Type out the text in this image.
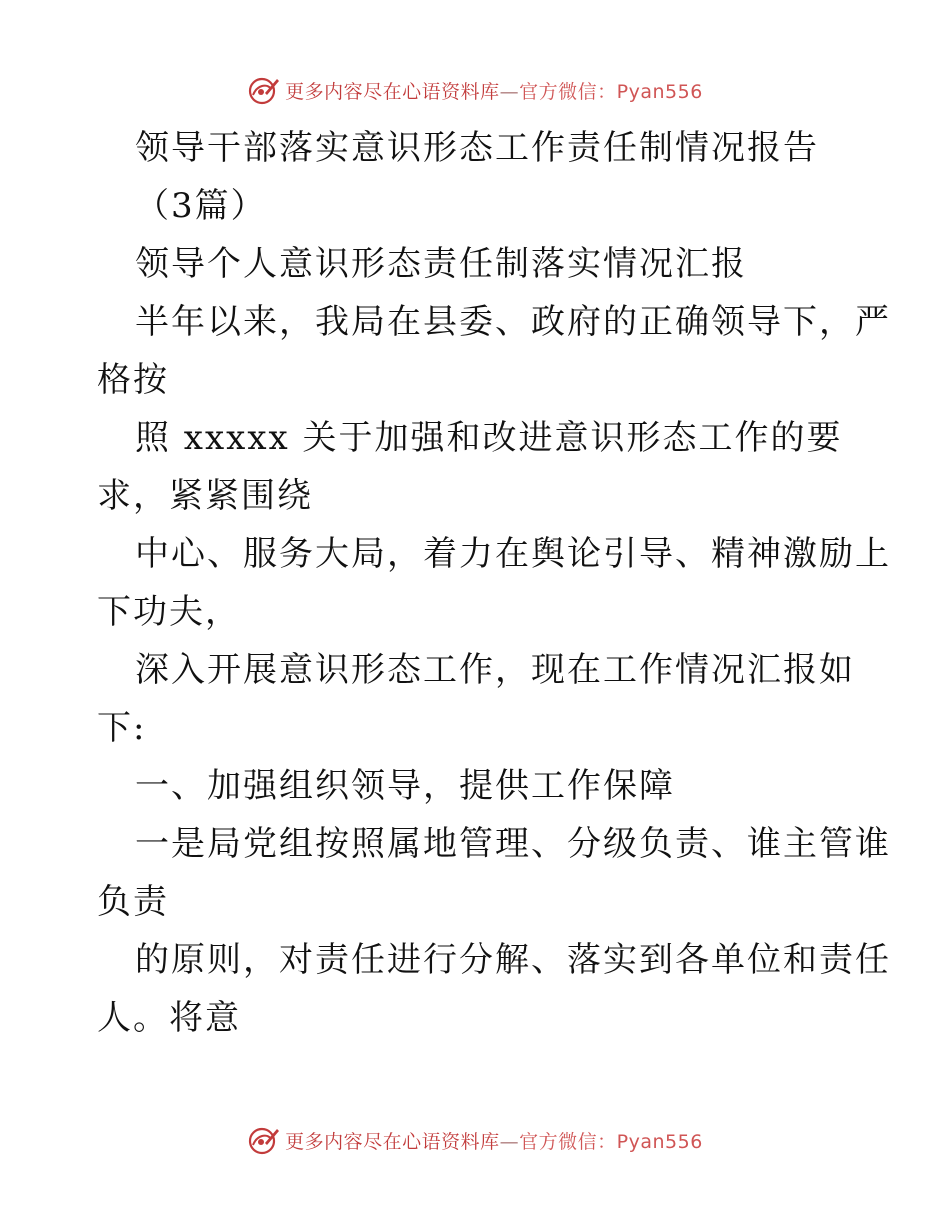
更多内容尽在心语资料库—官方微信：Pyan556
领导干部落实意识形态工作责任制情况报告
（3篇）
领导个人意识形态责任制落实情况汇报
半年以来，我局在县委、政府的正确领导下，严
格按
照 xxxxx 关于加强和改进意识形态工作的要
求，紧紧围绕
中心、服务大局，着力在舆论引导、精神激励上
下功夫，
深入开展意识形态工作，现在工作情况汇报如
下:
一、加强组织领导，提供工作保障
一是局党组按照属地管理、分级负责、谁主管谁
负责
的原则，对责任进行分解、落实到各单位和责任
人。将意
更多内容尽在心语资料库—官方微信：Pyan556
